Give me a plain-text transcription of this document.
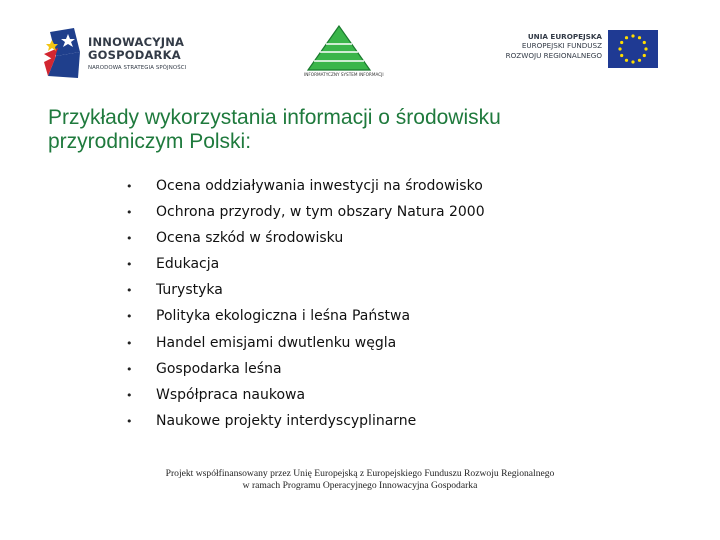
INNOWACYJNA
GOSPODARKA
NARODOWA STRATEGIA SPÓJNOŚCI
INFORMATYCZNY SYSTEM INFORMACJI
UNIA EUROPEJSKA
EUROPEJSKI FUNDUSZ
ROZWOJU REGIONALNEGO
Przykłady wykorzystania informacji o środowisku
przyrodniczym Polski:
• Ocena oddziaływania inwestycji na środowisko
• Ochrona przyrody, w tym obszary Natura 2000
• Ocena szkód w środowisku
• Edukacja
• Turystyka
• Polityka ekologiczna i leśna Państwa
• Handel emisjami dwutlenku węgla
• Gospodarka leśna
• Współpraca naukowa
• Naukowe projekty interdyscyplinarne
Projekt współfinansowany przez Unię Europejską z Europejskiego Funduszu Rozwoju Regionalnego
w ramach Programu Operacyjnego Innowacyjna Gospodarka
